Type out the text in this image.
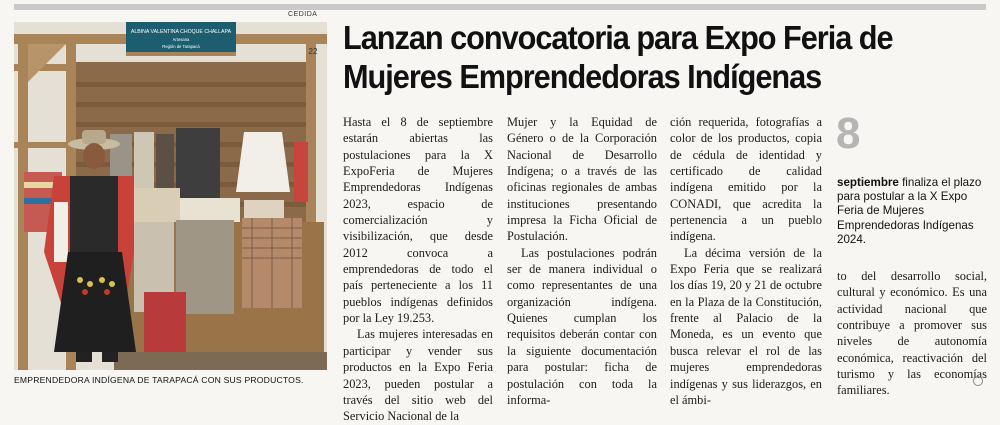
CEDIDA
ALBINA VALENTINA CHOQUE CHALLAPA
Artesana
Región de Tarapacá
22
EMPRENDEDORA INDÍGENA DE TARAPACÁ CON SUS PRODUCTOS.
Lanzan convocatoria para Expo Feria de Mujeres Emprendedoras Indígenas

Hasta el 8 de septiembre estarán abiertas las postulaciones para la X ExpoFeria de Mujeres Emprendedoras Indígenas 2023, espacio de comercialización y visibilización, que desde 2012 convoca a emprendedoras de todo el país perteneciente a los 11 pueblos indígenas definidos por la Ley 19.253.

Las mujeres interesadas en participar y vender sus productos en la Expo Feria 2023, pueden postular a través del sitio web del Servicio Nacional de la

Mujer y la Equidad de Género o de la Corporación Nacional de Desarrollo Indígena; o a través de las oficinas regionales de ambas instituciones presentando impresa la Ficha Oficial de Postulación.

Las postulaciones podrán ser de manera individual o como representantes de una organización indígena. Quienes cumplan los requisitos deberán contar con la siguiente documentación para postular: ficha de postulación con toda la informa-

ción requerida, fotografías a color de los productos, copia de cédula de identidad y certificado de calidad indígena emitido por la CONADI, que acredita la pertenencia a un pueblo indígena.

La décima versión de la Expo Feria que se realizará los días 19, 20 y 21 de octubre en la Plaza de la Constitución, frente al Palacio de la Moneda, es un evento que busca relevar el rol de las mujeres emprendedoras indígenas y sus liderazgos, en el ámbi-

8
septiembre finaliza el plazo para postular a la X Expo Feria de Mujeres Emprendedoras Indígenas 2024.

to del desarrollo social, cultural y económico. Es una actividad nacional que contribuye a promover sus niveles de autonomía económica, reactivación del turismo y las economías familiares.
